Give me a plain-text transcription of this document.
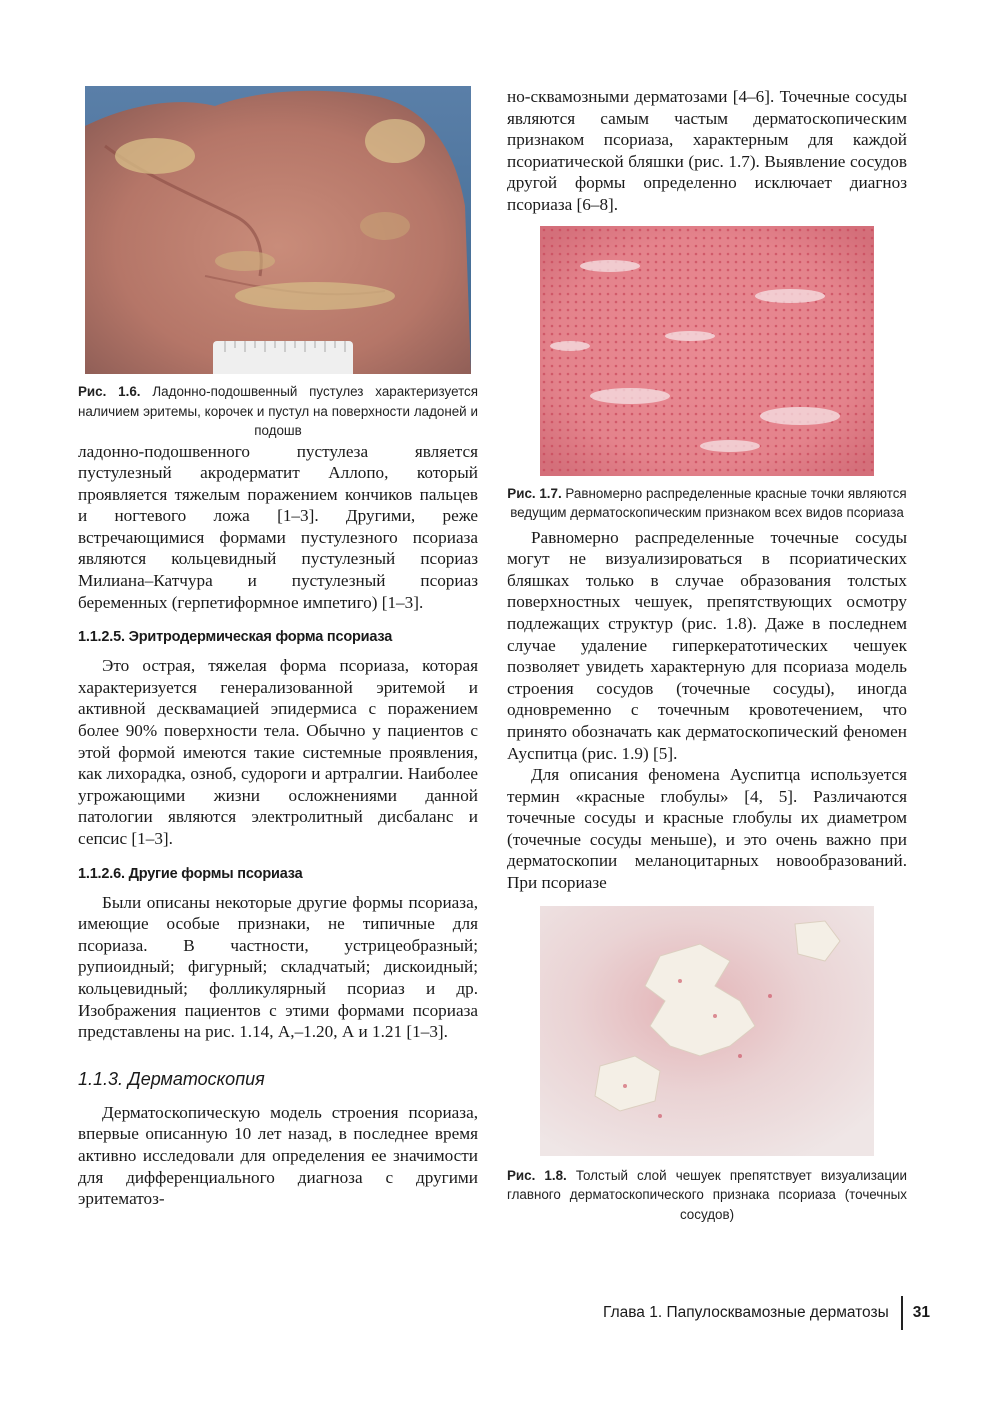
Рис. 1.6. Ладонно-подошвенный пустулез характеризуется наличием эритемы, корочек и пустул на поверхности ладоней и подошв

ладонно-подошвенного пустулеза является пустулезный акродерматит Аллопо, который проявляется тяжелым поражением кончиков пальцев и ногтевого ложа [1–3]. Другими, реже встречающимися формами пустулезного псориаза являются кольцевидный пустулезный псориаз Милиана–Катчура и пустулезный псориаз беременных (герпетиформное импетиго) [1–3].

1.1.2.5. Эритродермическая форма псориаза

Это острая, тяжелая форма псориаза, которая характеризуется генерализованной эритемой и активной десквамацией эпидермиса с поражением более 90% поверхности тела. Обычно у пациентов с этой формой имеются такие системные проявления, как лихорадка, озноб, судороги и артралгии. Наиболее угрожающими жизни осложнениями данной патологии являются электролитный дисбаланс и сепсис [1–3].

1.1.2.6. Другие формы псориаза

Были описаны некоторые другие формы псориаза, имеющие особые признаки, не типичные для псориаза. В частности, устрицеобразный; рупиоидный; фигурный; складчатый; дискоидный; кольцевидный; фолликулярный псориаз и др. Изображения пациентов с этими формами псориаза представлены на рис. 1.14, А,–1.20, А и 1.21 [1–3].

1.1.3. Дерматоскопия

Дерматоскопическую модель строения псориаза, впервые описанную 10 лет назад, в последнее время активно исследовали для определения ее значимости для дифференциального диагноза с другими эритематоз-

но-сквамозными дерматозами [4–6]. Точечные сосуды являются самым частым дерматоскопическим признаком псориаза, характерным для каждой псориатической бляшки (рис. 1.7). Выявление сосудов другой формы определенно исключает диагноз псориаза [6–8].

Рис. 1.7. Равномерно распределенные красные точки являются ведущим дерматоскопическим признаком всех видов псориаза

Равномерно распределенные точечные сосуды могут не визуализироваться в псориатических бляшках только в случае образования толстых поверхностных чешуек, препятствующих осмотру подлежащих структур (рис. 1.8). Даже в последнем случае удаление гиперкератотических чешуек позволяет увидеть характерную для псориаза модель строения сосудов (точечные сосуды), иногда одновременно с точечным кровотечением, что принято обозначать как дерматоскопический феномен Ауспитца (рис. 1.9) [5].

Для описания феномена Ауспитца используется термин «красные глобулы» [4, 5]. Различаются точечные сосуды и красные глобулы их диаметром (точечные сосуды меньше), и это очень важно при дерматоскопии меланоцитарных новообразований. При псориазе

Рис. 1.8. Толстый слой чешуек препятствует визуализации главного дерматоскопического признака псориаза (точечных сосудов)

Глава 1. Папулосквамозные дерматозы	31
